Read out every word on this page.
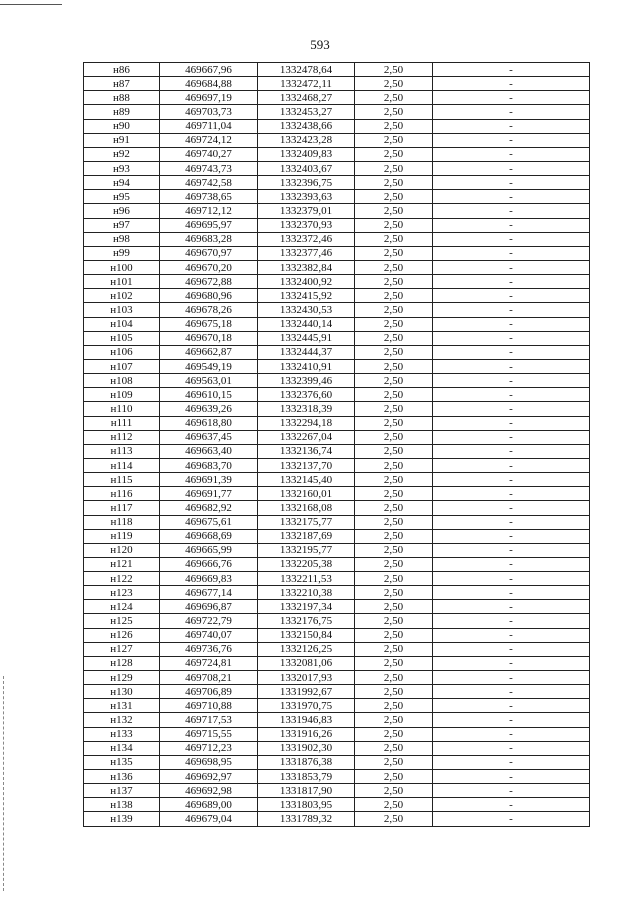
593
н86	469667,96	1332478,64	2,50	-
н87	469684,88	1332472,11	2,50	-
н88	469697,19	1332468,27	2,50	-
н89	469703,73	1332453,27	2,50	-
н90	469711,04	1332438,66	2,50	-
н91	469724,12	1332423,28	2,50	-
н92	469740,27	1332409,83	2,50	-
н93	469743,73	1332403,67	2,50	-
н94	469742,58	1332396,75	2,50	-
н95	469738,65	1332393,63	2,50	-
н96	469712,12	1332379,01	2,50	-
н97	469695,97	1332370,93	2,50	-
н98	469683,28	1332372,46	2,50	-
н99	469670,97	1332377,46	2,50	-
н100	469670,20	1332382,84	2,50	-
н101	469672,88	1332400,92	2,50	-
н102	469680,96	1332415,92	2,50	-
н103	469678,26	1332430,53	2,50	-
н104	469675,18	1332440,14	2,50	-
н105	469670,18	1332445,91	2,50	-
н106	469662,87	1332444,37	2,50	-
н107	469549,19	1332410,91	2,50	-
н108	469563,01	1332399,46	2,50	-
н109	469610,15	1332376,60	2,50	-
н110	469639,26	1332318,39	2,50	-
н111	469618,80	1332294,18	2,50	-
н112	469637,45	1332267,04	2,50	-
н113	469663,40	1332136,74	2,50	-
н114	469683,70	1332137,70	2,50	-
н115	469691,39	1332145,40	2,50	-
н116	469691,77	1332160,01	2,50	-
н117	469682,92	1332168,08	2,50	-
н118	469675,61	1332175,77	2,50	-
н119	469668,69	1332187,69	2,50	-
н120	469665,99	1332195,77	2,50	-
н121	469666,76	1332205,38	2,50	-
н122	469669,83	1332211,53	2,50	-
н123	469677,14	1332210,38	2,50	-
н124	469696,87	1332197,34	2,50	-
н125	469722,79	1332176,75	2,50	-
н126	469740,07	1332150,84	2,50	-
н127	469736,76	1332126,25	2,50	-
н128	469724,81	1332081,06	2,50	-
н129	469708,21	1332017,93	2,50	-
н130	469706,89	1331992,67	2,50	-
н131	469710,88	1331970,75	2,50	-
н132	469717,53	1331946,83	2,50	-
н133	469715,55	1331916,26	2,50	-
н134	469712,23	1331902,30	2,50	-
н135	469698,95	1331876,38	2,50	-
н136	469692,97	1331853,79	2,50	-
н137	469692,98	1331817,90	2,50	-
н138	469689,00	1331803,95	2,50	-
н139	469679,04	1331789,32	2,50	-
